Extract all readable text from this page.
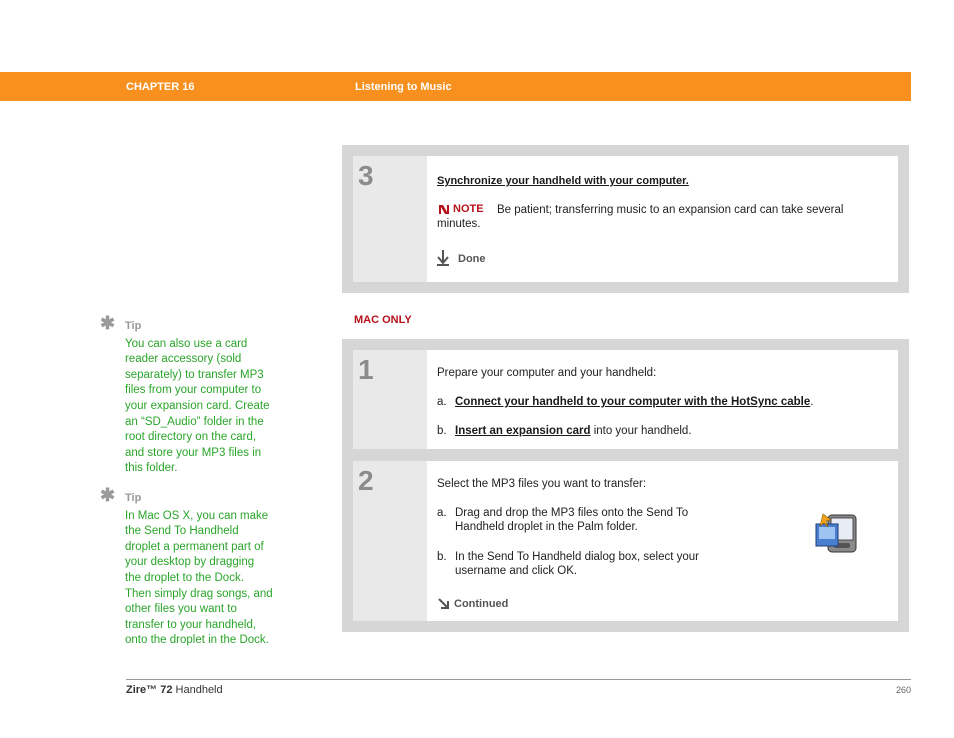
CHAPTER 16	Listening to Music
3	Synchronize your handheld with your computer.
NOTE Be patient; transferring music to an expansion card can take several
minutes.
Done
MAC ONLY
1	Prepare your computer and your handheld:
a. Connect your handheld to your computer with the HotSync cable.
b. Insert an expansion card into your handheld.
2	Select the MP3 files you want to transfer:
a. Drag and drop the MP3 files onto the Send To
Handheld droplet in the Palm folder.
b. In the Send To Handheld dialog box, select your
username and click OK.
Continued
✱ Tip
You can also use a card reader accessory (sold separately) to transfer MP3 files from your computer to your expansion card. Create an “SD_Audio” folder in the root directory on the card, and store your MP3 files in this folder.
✱ Tip
In Mac OS X, you can make the Send To Handheld droplet a permanent part of your desktop by dragging the droplet to the Dock. Then simply drag songs, and other files you want to transfer to your handheld, onto the droplet in the Dock.
Zire™ 72 Handheld	260
